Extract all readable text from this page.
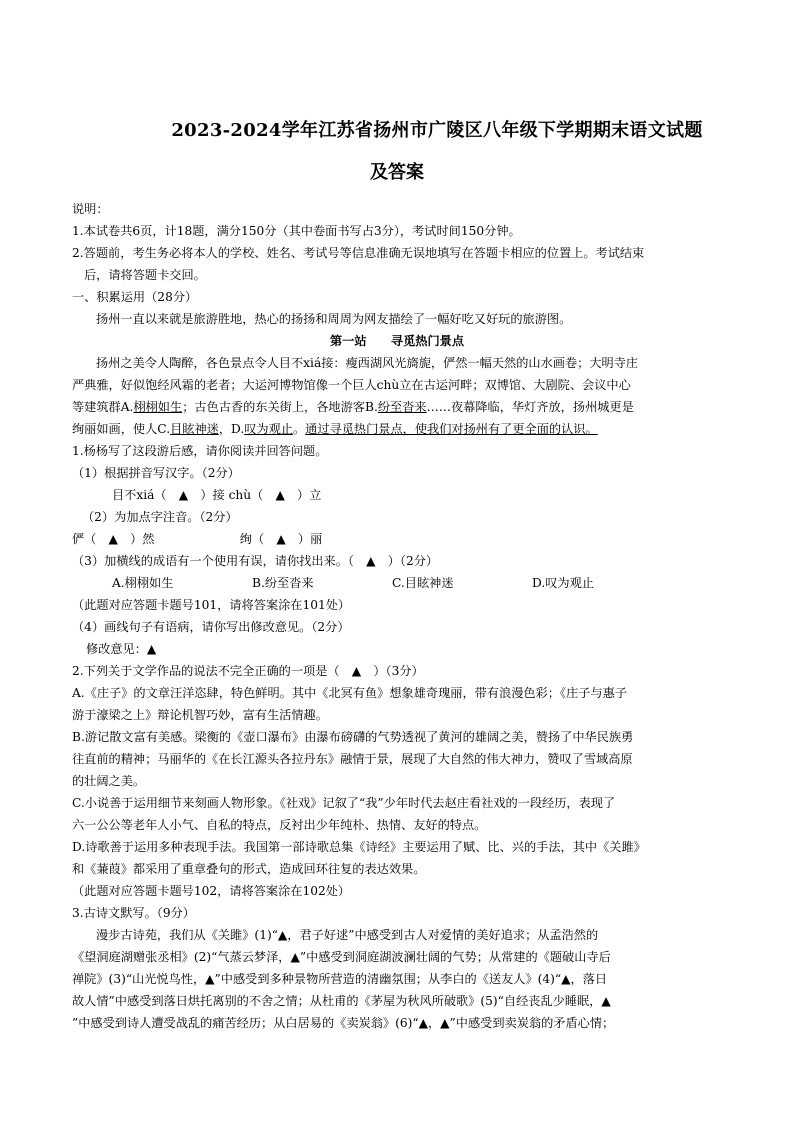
2023-2024学年江苏省扬州市广陵区八年级下学期期末语文试题
及答案
说明：
1.本试卷共6页，计18题，满分150分（其中卷面书写占3分），考试时间150分钟。
2.答题前，考生务必将本人的学校、姓名、考试号等信息准确无误地填写在答题卡相应的位置上。考试结束
后，请将答题卡交回。
一、积累运用（28分）
扬州一直以来就是旅游胜地，热心的扬扬和周周为网友描绘了一幅好吃又好玩的旅游图。
第一站　　寻觅热门景点
扬州之美令人陶醉，各色景点令人目不xiá接：瘦西湖风光旖旎，俨然一幅天然的山水画卷；大明寺庄
严典雅，好似饱经风霜的老者；大运河博物馆像一个巨人chù立在古运河畔；双博馆、大剧院、会议中心
等建筑群A.栩栩如生；古色古香的东关街上，各地游客B.纷至沓来……夜幕降临，华灯齐放，扬州城更是
绚丽如画，使人C.目眩神迷，D.叹为观止。通过寻觅热门景点，使我们对扬州有了更全面的认识。
1.杨杨写了这段游后感，请你阅读并回答问题。
（1）根据拼音写汉字。（2分）
目不xiá（　▲　）接 chù（　▲　）立
（2）为加点字注音。（2分）
俨（　▲　）然　　　　　　　绚（　▲　）丽
（3）加横线的成语有一个使用有误，请你找出来。（　▲　）（2分）
A.栩栩如生	B.纷至沓来	C.目眩神迷	D.叹为观止
（此题对应答题卡题号101，请将答案涂在101处）
（4）画线句子有语病，请你写出修改意见。（2分）
修改意见：▲
2.下列关于文学作品的说法不完全正确的一项是（　▲　）（3分）
A.《庄子》的文章汪洋恣肆，特色鲜明。其中《北冥有鱼》想象雄奇瑰丽，带有浪漫色彩；《庄子与惠子
游于濠梁之上》辩论机智巧妙，富有生活情趣。
B.游记散文富有美感。梁衡的《壶口瀑布》由瀑布磅礴的气势透视了黄河的雄阔之美，赞扬了中华民族勇
往直前的精神；马丽华的《在长江源头各拉丹东》融情于景，展现了大自然的伟大神力，赞叹了雪域高原
的壮阔之美。
C.小说善于运用细节来刻画人物形象。《社戏》记叙了“我”少年时代去赵庄看社戏的一段经历，表现了
六一公公等老年人小气、自私的特点，反衬出少年纯朴、热情、友好的特点。
D.诗歌善于运用多种表现手法。我国第一部诗歌总集《诗经》主要运用了赋、比、兴的手法，其中《关雎》
和《蒹葭》都采用了重章叠句的形式，造成回环往复的表达效果。
（此题对应答题卡题号102，请将答案涂在102处）
3.古诗文默写。（9分）
漫步古诗苑，我们从《关雎》(1)“▲，君子好逑”中感受到古人对爱情的美好追求；从孟浩然的
《望洞庭湖赠张丞相》(2)“气蒸云梦泽，▲”中感受到洞庭湖波澜壮阔的气势；从常建的《题破山寺后
禅院》(3)“山光悦鸟性，▲”中感受到多种景物所营造的清幽氛围；从李白的《送友人》(4)“▲，落日
故人情”中感受到落日烘托离别的不舍之情；从杜甫的《茅屋为秋风所破歌》(5)“自经丧乱少睡眠，▲
”中感受到诗人遭受战乱的痛苦经历；从白居易的《卖炭翁》(6)“▲，▲”中感受到卖炭翁的矛盾心情；
